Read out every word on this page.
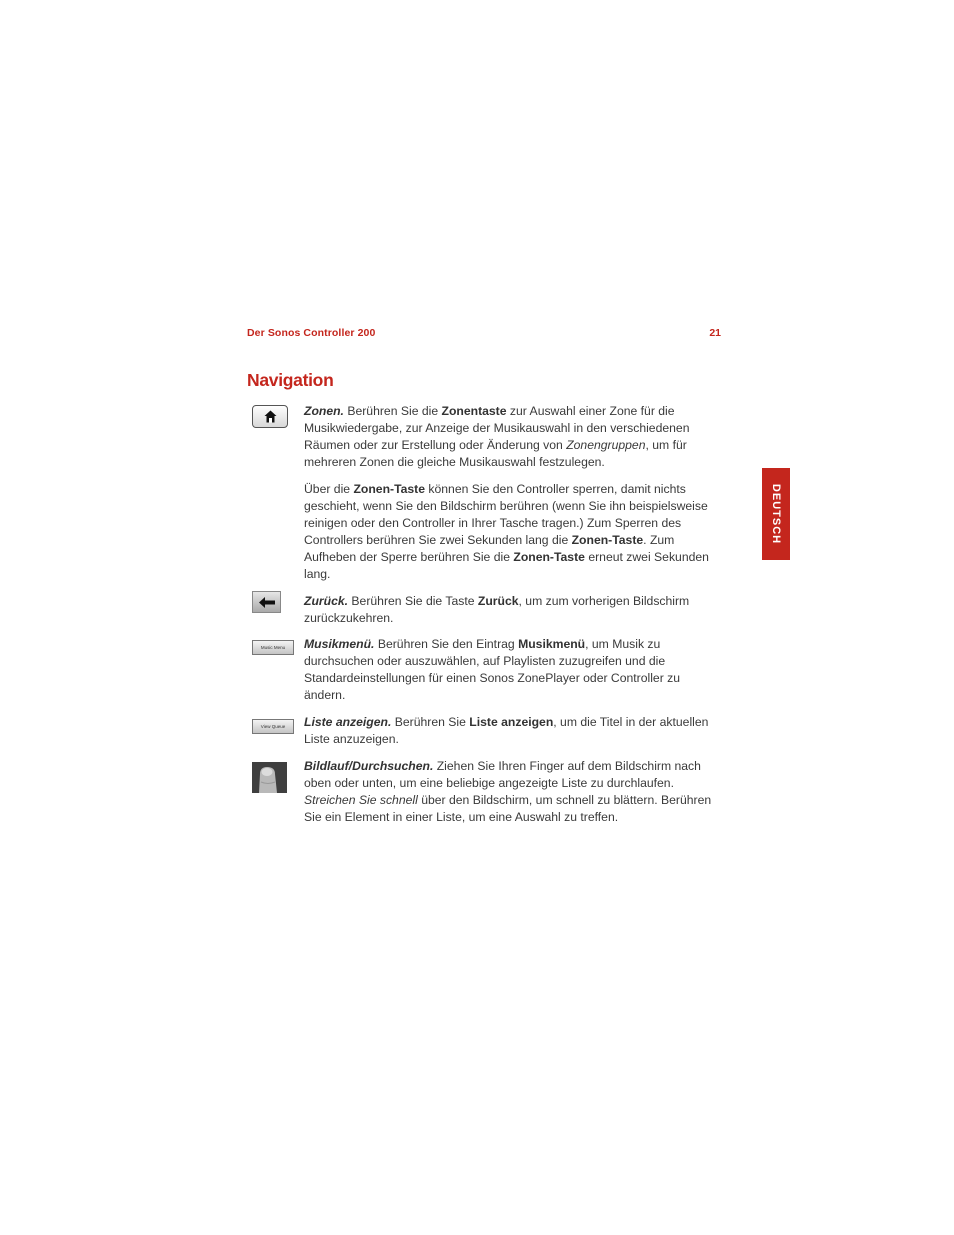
Der Sonos Controller 200	21
DEUTSCH
Navigation
Music Menu
View Queue

Zonen. Berühren Sie die Zonentaste zur Auswahl einer Zone für die Musikwiedergabe, zur Anzeige der Musikauswahl in den verschiedenen Räumen oder zur Erstellung oder Änderung von Zonengruppen, um für mehreren Zonen die gleiche Musikauswahl festzulegen.

Über die Zonen-Taste können Sie den Controller sperren, damit nichts geschieht, wenn Sie den Bildschirm berühren (wenn Sie ihn beispielsweise reinigen oder den Controller in Ihrer Tasche tragen.) Zum Sperren des Controllers berühren Sie zwei Sekunden lang die Zonen-Taste. Zum Aufheben der Sperre berühren Sie die Zonen-Taste erneut zwei Sekunden lang.

Zurück. Berühren Sie die Taste Zurück, um zum vorherigen Bildschirm zurückzukehren.

Musikmenü. Berühren Sie den Eintrag Musikmenü, um Musik zu durchsuchen oder auszuwählen, auf Playlisten zuzugreifen und die Standardeinstellungen für einen Sonos ZonePlayer oder Controller zu ändern.

Liste anzeigen. Berühren Sie Liste anzeigen, um die Titel in der aktuellen Liste anzuzeigen.

Bildlauf/Durchsuchen. Ziehen Sie Ihren Finger auf dem Bildschirm nach oben oder unten, um eine beliebige angezeigte Liste zu durchlaufen. Streichen Sie schnell über den Bildschirm, um schnell zu blättern. Berühren Sie ein Element in einer Liste, um eine Auswahl zu treffen.
